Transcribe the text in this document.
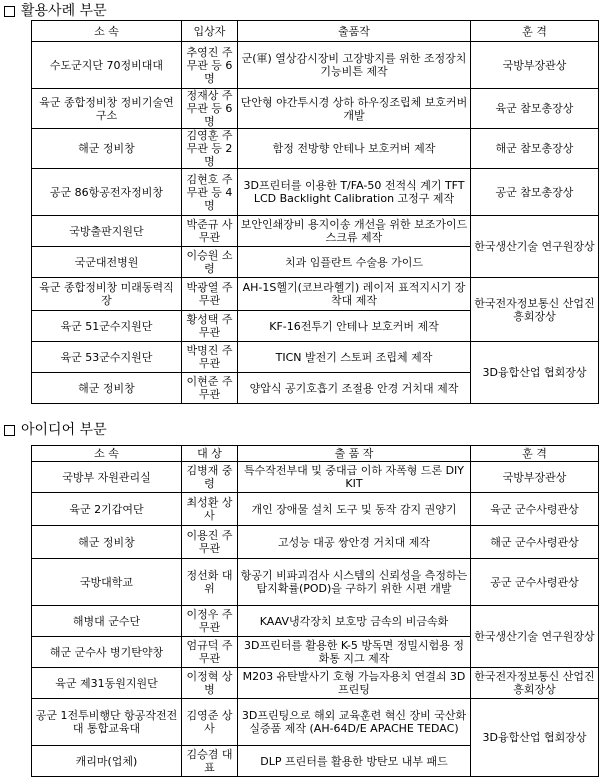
활용사례 부문
소 속	입상자	출품작	훈 격
수도군지단 70정비대대	추영진 주무관 등 6명	군(軍) 열상감시장비 고장방지를 위한 조정장치 기능비튼 제작	국방부장관상
육군 종합정비창 정비기술연구소	정재상 주무관 등 6명	단안형 야간투시경 상하 하우징조립체 보호커버 개발	육군 참모총장상
해군 정비창	김영훈 주무관 등 2명	함정 전방향 안테나 보호커버 제작	해군 참모총장상
공군 86항공전자정비창	김현호 주무관 등 4명	3D프린터를 이용한 T/FA-50 전적식 계기 TFT LCD Backlight Calibration 고정구 제작	공군 참모총장상
국방출판지원단	박준규 사무관	보안인쇄장비 용지이송 개선을 위한 보조가이드 스크류 제작	한국생산기술 연구원장상
국군대전병원	이승원 소령	치과 임플란트 수술용 가이드	
육군 종합정비창 미래동력직장	박광열 주무관	AH-1S헬기(코브라헬기) 레이저 표적지시기 장착대 제작	한국전자정보통신 산업진흥회장상
육군 51군수지원단	황성택 주무관	KF-16전투기 안테나 보호커버 제작	
육군 53군수지원단	박명진 주무관	TICN 발전기 스토퍼 조립체 제작	3D융합산업 협회장상
해군 정비창	이현준 주무관	양압식 공기호흡기 조절용 안경 거치대 제작	
아이디어 부문
소 속	대 상	출 품 작	훈 격
국방부 자원관리실	김병재 중령	특수작전부대 및 중대급 이하 자폭형 드론 DIY KIT	국방부장관상
육군 2기갑여단	최성환 상사	개인 장애물 설치 도구 및 동작 감지 권양기	육군 군수사령관상
해군 정비창	이용진 주무관	고성능 대공 쌍안경 거치대 제작	해군 군수사령관상
국방대학교	정선화 대위	항공기 비파괴검사 시스템의 신뢰성을 측정하는 탐지확률(POD)을 구하기 위한 시편 개발	공군 군수사령관상
해병대 군수단	이정우 주무관	KAAV냉각장치 보호망 금속의 비금속화	한국생산기술 연구원장상
해군 군수사 병기탄약창	엄규덕 주무관	3D프린터를 활용한 K-5 방독면 정밀시험용 정화통 지그 제작	
육군 제31동원지원단	이정혁 상병	M203 유탄발사기 호형 가늠자용치 연결쇠 3D프린팅	한국전자정보통신 산업진흥회장상
공군 1전투비행단 항공작전전대 통합교육대	김영준 상사	3D프린팅으로 해외 교육훈련 혁신 장비 국산화 실증품 제작 (AH-64D/E APACHE TEDAC)	3D융합산업 협회장상
캐리마(업체)	김승겸 대표	DLP 프린터를 활용한 방탄모 내부 패드	
